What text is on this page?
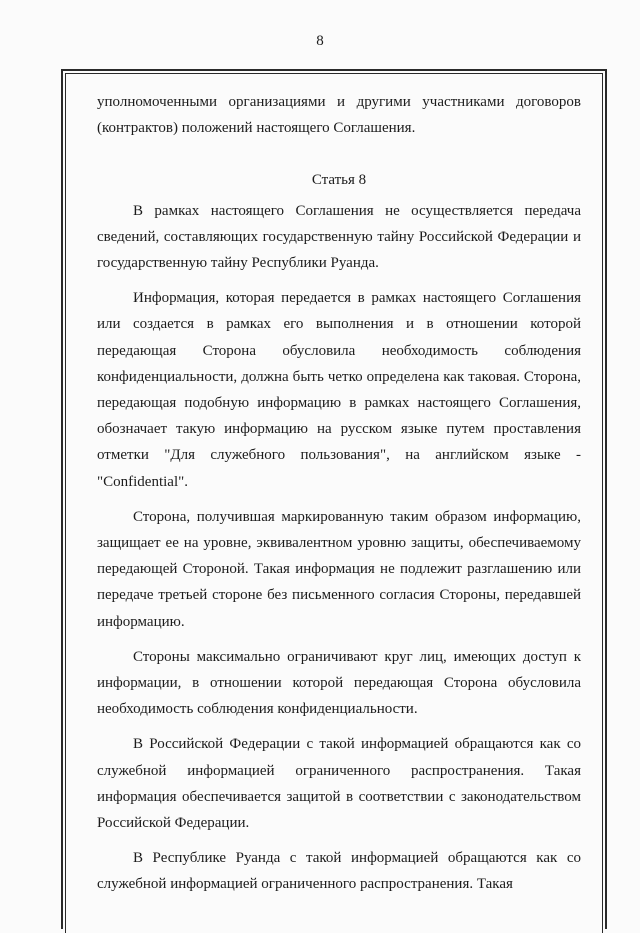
8

уполномоченными организациями и другими участниками договоров (контрактов) положений настоящего Соглашения.

Статья 8

В рамках настоящего Соглашения не осуществляется передача сведений, составляющих государственную тайну Российской Федерации и государственную тайну Республики Руанда.

Информация, которая передается в рамках настоящего Соглашения или создается в рамках его выполнения и в отношении которой передающая Сторона обусловила необходимость соблюдения конфиденциальности, должна быть четко определена как таковая. Сторона, передающая подобную информацию в рамках настоящего Соглашения, обозначает такую информацию на русском языке путем проставления отметки "Для служебного пользования", на английском языке -"Confidential".

Сторона, получившая маркированную таким образом информацию, защищает ее на уровне, эквивалентном уровню защиты, обеспечиваемому передающей Стороной. Такая информация не подлежит разглашению или передаче третьей стороне без письменного согласия Стороны, передавшей информацию.

Стороны максимально ограничивают круг лиц, имеющих доступ к информации, в отношении которой передающая Сторона обусловила необходимость соблюдения конфиденциальности.

В Российской Федерации с такой информацией обращаются как со служебной информацией ограниченного распространения. Такая информация обеспечивается защитой в соответствии с законодательством Российской Федерации.

В Республике Руанда с такой информацией обращаются как со служебной информацией ограниченного распространения. Такая
